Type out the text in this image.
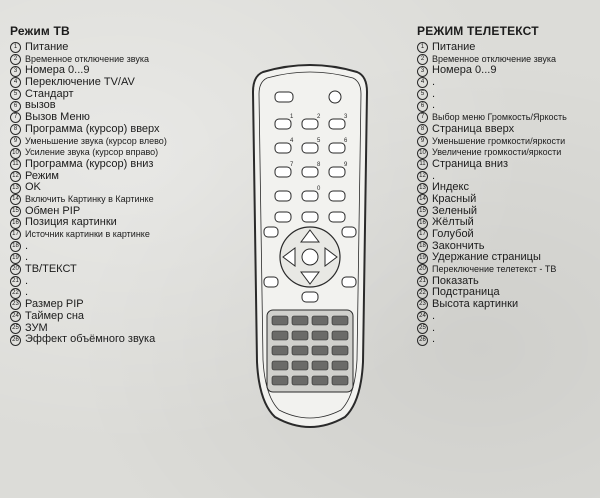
Режим ТВ
1 Питание
2 Временное отключение звука
3 Номера 0...9
4 Переключение TV/AV
5 Стандарт
6 вызов
7 Вызов Меню
8 Программа (курсор) вверх
9 Уменьшение звука (курсор влево)
10 Усиление звука (курсор вправо)
11 Программа (курсор) вниз
12 Режим
13 OK
14 Включить Картинку в Картинке
15 Обмен PIP
16 Позиция картинки
17 Источник картинки в картинке
18 .
19 .
20 ТВ/ТЕКСТ
21 .
22 .
23 Размер PIP
24 Таймер сна
25 ЗУМ
26 Эффект объёмного звука
РЕЖИМ ТЕЛЕТЕКСТ
1 Питание
2 Временное отключение звука
3 Номера 0...9
4 .
5 .
6 .
7 Выбор меню Громкость/Яркость
8 Страница вверх
9 Уменьшение громкости/яркости
10 Увеличение громкости/яркости
11 Страница вниз
12 .
13 Индекс
14 Красный
15 Зеленый
16 Жёлтый
17 Голубой
18 Закончить
19 Удержание страницы
20 Переключение телетекст - ТВ
21 Показать
22 Подстраница
23 Высота картинки
24 .
25 .
26 .
1	2	3
4	5	6
7	8	9
0
